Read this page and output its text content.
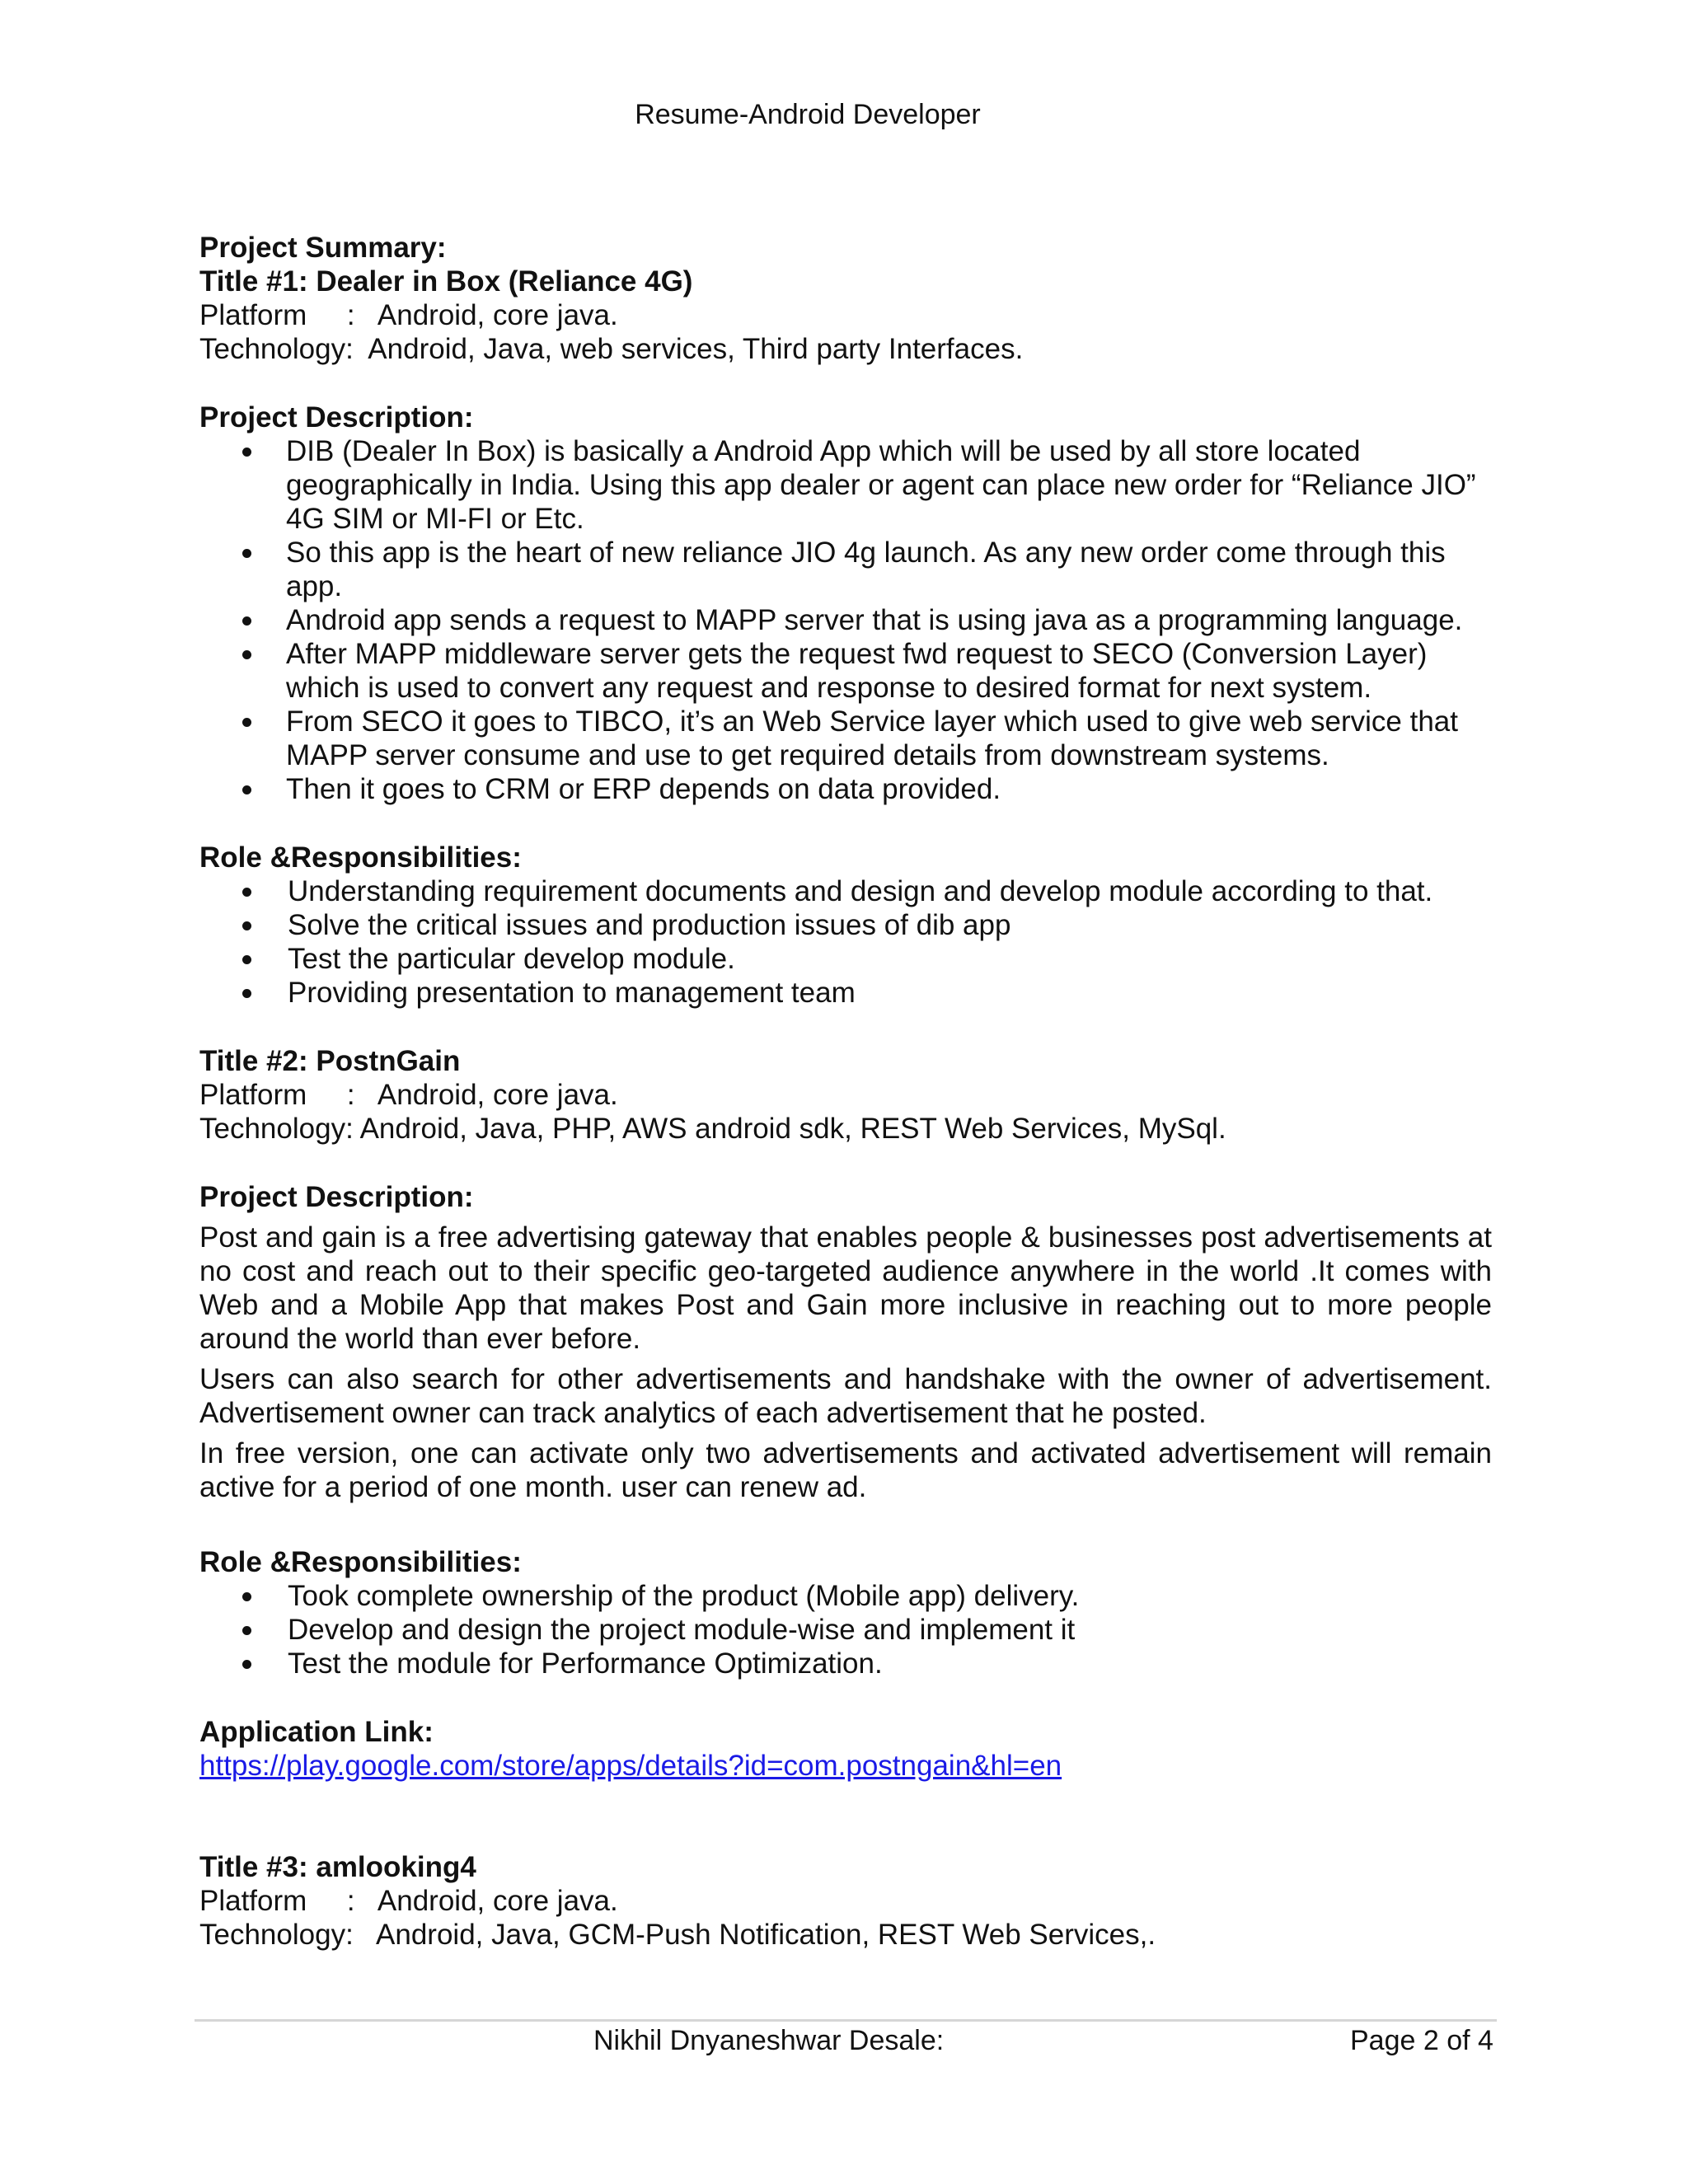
Resume-Android Developer

Project Summary:

Title #1: Dealer in Box (Reliance 4G)

Platform     :   Android, core java.

Technology:  Android, Java, web services, Third party Interfaces.

Project Description:

DIB (Dealer In Box) is basically a Android App which will be used by all store located geographically in India. Using this app dealer or agent can place new order for “Reliance JIO” 4G SIM or MI-FI or Etc.
So this app is the heart of new reliance JIO 4g launch. As any new order come through this app.
Android app sends a request to MAPP server that is using java as a programming language.
After MAPP middleware server gets the request fwd request to SECO (Conversion Layer) which is used to convert any request and response to desired format for next system.
From SECO it goes to TIBCO, it’s an Web Service layer which used to give web service that MAPP server consume and use to get required details from downstream systems.
Then it goes to CRM or ERP depends on data provided.

Role &Responsibilities:

Understanding requirement documents and design and develop module according to that.
Solve the critical issues and production issues of dib app
Test the particular develop module.
Providing presentation to management team

Title #2: PostnGain

Platform     :   Android, core java.

Technology: Android, Java, PHP, AWS android sdk, REST Web Services, MySql.

Project Description:

Post and gain is a free advertising gateway that enables people & businesses post advertisements at no cost and reach out to their specific geo-targeted audience anywhere in the world .It comes with Web and a Mobile App that makes Post and Gain more inclusive in reaching out to more people around the world than ever before.

Users can also search for other advertisements and handshake with the owner of advertisement. Advertisement owner can track analytics of each advertisement that he posted.

In free version, one can activate only two advertisements and activated advertisement will remain active for a period of one month. user can renew ad.

Role &Responsibilities:

Took complete ownership of the product (Mobile app) delivery.
Develop and design the project module-wise and implement it
Test the module for Performance Optimization.

Application Link:

https://play.google.com/store/apps/details?id=com.postngain&hl=en

Title #3: amlooking4

Platform     :   Android, core java.

Technology:   Android, Java, GCM-Push Notification, REST Web Services,.

Nikhil Dnyaneshwar Desale:	Page 2 of 4
